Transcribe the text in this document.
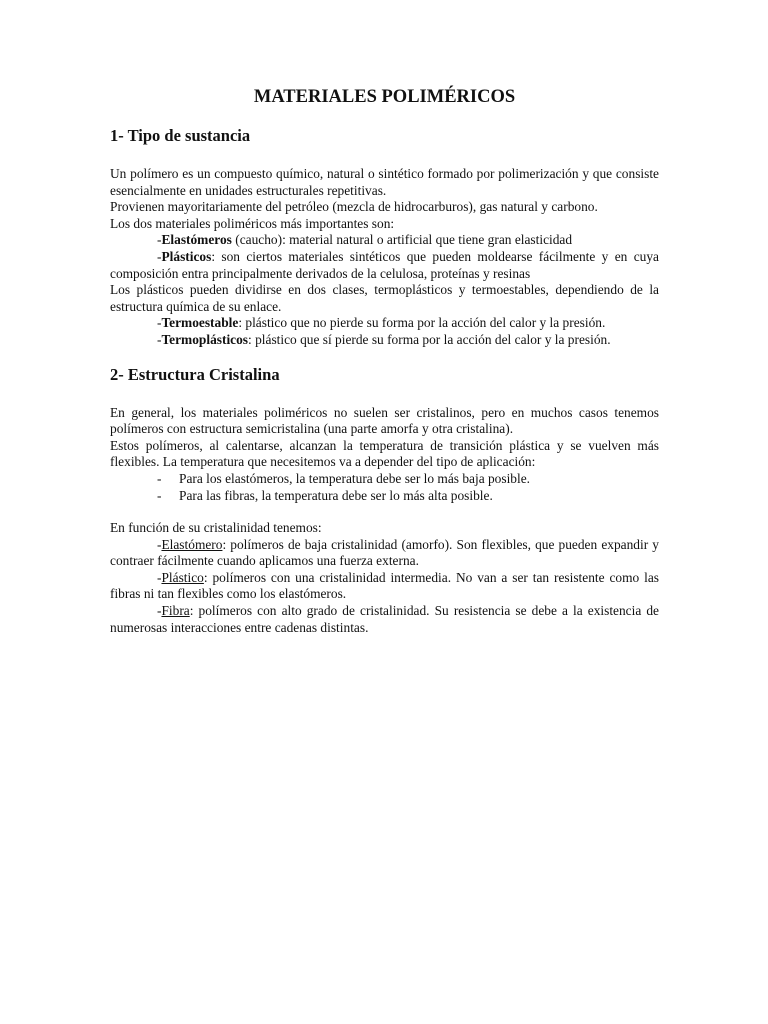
MATERIALES POLIMÉRICOS
1- Tipo de sustancia

Un polímero es un compuesto químico, natural o sintético formado por polimerización y que consiste esencialmente en unidades estructurales repetitivas.

Provienen mayoritariamente del petróleo (mezcla de hidrocarburos), gas natural y carbono.

Los dos materiales poliméricos más importantes son:

-Elastómeros (caucho): material natural o artificial que tiene gran elasticidad

-Plásticos: son ciertos materiales sintéticos que pueden moldearse fácilmente y en cuya composición entra principalmente derivados de la celulosa, proteínas y resinas

Los plásticos pueden dividirse en dos clases, termoplásticos y termoestables, dependiendo de la estructura química de su enlace.

-Termoestable: plástico que no pierde su forma por la acción del calor y la presión.

-Termoplásticos: plástico que sí pierde su forma por la acción del calor y la presión.

2- Estructura Cristalina

En general, los materiales poliméricos no suelen ser cristalinos, pero en muchos casos tenemos polímeros con estructura semicristalina (una parte amorfa y otra cristalina).

Estos polímeros, al calentarse, alcanzan la temperatura de transición plástica y se vuelven más flexibles. La temperatura que necesitemos va a depender del tipo de aplicación:

- Para los elastómeros, la temperatura debe ser lo más baja posible.
- Para las fibras, la temperatura debe ser lo más alta posible.

En función de su cristalinidad tenemos:

-Elastómero: polímeros de baja cristalinidad (amorfo). Son flexibles, que pueden expandir y contraer fácilmente cuando aplicamos una fuerza externa.

-Plástico: polímeros con una cristalinidad intermedia. No van a ser tan resistente como las fibras ni tan flexibles como los elastómeros.

-Fibra: polímeros con alto grado de cristalinidad. Su resistencia se debe a la existencia de numerosas interacciones entre cadenas distintas.
